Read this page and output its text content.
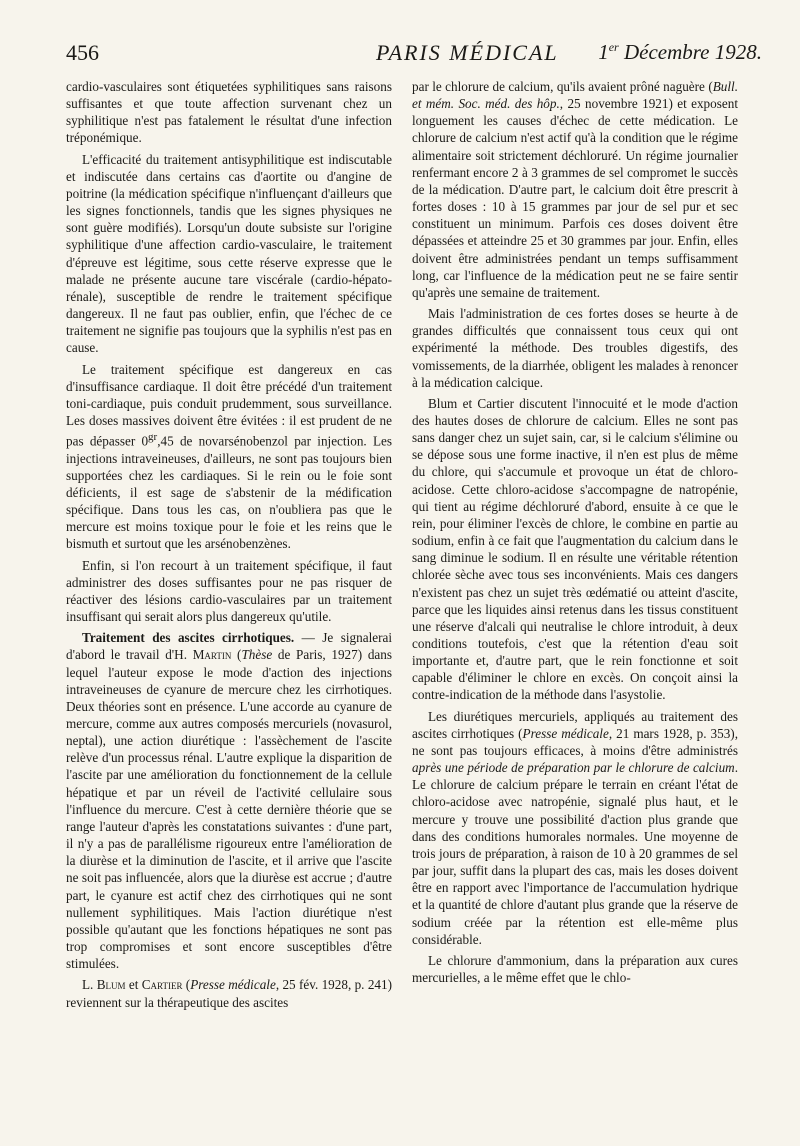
456	PARIS MÉDICAL 1er Décembre 1928.

cardio-vasculaires sont étiquetées syphilitiques sans raisons suffisantes et que toute affection survenant chez un syphilitique n'est pas fatalement le résultat d'une infection tréponémique.

L'efficacité du traitement antisyphilitique est indiscutable et indiscutée dans certains cas d'aortite ou d'angine de poitrine (la médication spécifique n'influençant d'ailleurs que les signes fonctionnels, tandis que les signes physiques ne sont guère modifiés). Lorsqu'un doute subsiste sur l'origine syphilitique d'une affection cardio-vasculaire, le traitement d'épreuve est légitime, sous cette réserve expresse que le malade ne présente aucune tare viscérale (cardio-hépato-rénale), susceptible de rendre le traitement spécifique dangereux. Il ne faut pas oublier, enfin, que l'échec de ce traitement ne signifie pas toujours que la syphilis n'est pas en cause.

Le traitement spécifique est dangereux en cas d'insuffisance cardiaque. Il doit être précédé d'un traitement toni-cardiaque, puis conduit prudemment, sous surveillance. Les doses massives doivent être évitées : il est prudent de ne pas dépasser $0^{gr},45$ de novarsénobenzol par injection. Les injections intraveineuses, d'ailleurs, ne sont pas toujours bien supportées chez les cardiaques. Si le rein ou le foie sont déficients, il est sage de s'abstenir de la médification spécifique. Dans tous les cas, on n'oubliera pas que le mercure est moins toxique pour le foie et les reins que le bismuth et surtout que les arsénobenzènes.

Enfin, si l'on recourt à un traitement spécifique, il faut administrer des doses suffisantes pour ne pas risquer de réactiver des lésions cardio-vasculaires par un traitement insuffisant qui serait alors plus dangereux qu'utile.

Traitement des ascites cirrhotiques. — Je signalerai d'abord le travail d'H. Martin (Thèse de Paris, 1927) dans lequel l'auteur expose le mode d'action des injections intraveineuses de cyanure de mercure chez les cirrhotiques. Deux théories sont en présence. L'une accorde au cyanure de mercure, comme aux autres composés mercuriels (novasurol, neptal), une action diurétique : l'assèchement de l'ascite relève d'un processus rénal. L'autre explique la disparition de l'ascite par une amélioration du fonctionnement de la cellule hépatique et par un réveil de l'activité cellulaire sous l'influence du mercure. C'est à cette dernière théorie que se range l'auteur d'après les constatations suivantes : d'une part, il n'y a pas de parallélisme rigoureux entre l'amélioration de la diurèse et la diminution de l'ascite, et il arrive que l'ascite ne soit pas influencée, alors que la diurèse est accrue ; d'autre part, le cyanure est actif chez des cirrhotiques qui ne sont nullement syphilitiques. Mais l'action diurétique n'est possible qu'autant que les fonctions hépatiques ne sont pas trop compromises et sont encore susceptibles d'être stimulées.

L. Blum et Cartier (Presse médicale, 25 fév. 1928, p. 241) reviennent sur la thérapeutique des ascites

par le chlorure de calcium, qu'ils avaient prôné naguère (Bull. et mém. Soc. méd. des hôp., 25 novembre 1921) et exposent longuement les causes d'échec de cette médication. Le chlorure de calcium n'est actif qu'à la condition que le régime alimentaire soit strictement déchloruré. Un régime journalier renfermant encore 2 à 3 grammes de sel compromet le succès de la médication. D'autre part, le calcium doit être prescrit à fortes doses : 10 à 15 grammes par jour de sel pur et sec constituent un minimum. Parfois ces doses doivent être dépassées et atteindre 25 et 30 grammes par jour. Enfin, elles doivent être administrées pendant un temps suffisamment long, car l'influence de la médication peut ne se faire sentir qu'après une semaine de traitement.

Mais l'administration de ces fortes doses se heurte à de grandes difficultés que connaissent tous ceux qui ont expérimenté la méthode. Des troubles digestifs, des vomissements, de la diarrhée, obligent les malades à renoncer à la médication calcique.

Blum et Cartier discutent l'innocuité et le mode d'action des hautes doses de chlorure de calcium. Elles ne sont pas sans danger chez un sujet sain, car, si le calcium s'élimine ou se dépose sous une forme inactive, il n'en est plus de même du chlore, qui s'accumule et provoque un état de chloro-acidose. Cette chloro-acidose s'accompagne de natropénie, qui tient au régime déchloruré d'abord, ensuite à ce que le rein, pour éliminer l'excès de chlore, le combine en partie au sodium, enfin à ce fait que l'augmentation du calcium dans le sang diminue le sodium. Il en résulte une véritable rétention chlorée sèche avec tous ses inconvénients. Mais ces dangers n'existent pas chez un sujet très œdématié ou atteint d'ascite, parce que les liquides ainsi retenus dans les tissus constituent une réserve d'alcali qui neutralise le chlore introduit, à deux conditions toutefois, c'est que la rétention d'eau soit importante et, d'autre part, que le rein fonctionne et soit capable d'éliminer le chlore en excès. On conçoit ainsi la contre-indication de la méthode dans l'asystolie.

Les diurétiques mercuriels, appliqués au traitement des ascites cirrhotiques (Presse médicale, 21 mars 1928, p. 353), ne sont pas toujours efficaces, à moins d'être administrés après une période de préparation par le chlorure de calcium. Le chlorure de calcium prépare le terrain en créant l'état de chloro-acidose avec natropénie, signalé plus haut, et le mercure y trouve une possibilité d'action plus grande que dans des conditions humorales normales. Une moyenne de trois jours de préparation, à raison de 10 à 20 grammes de sel par jour, suffit dans la plupart des cas, mais les doses doivent être en rapport avec l'importance de l'accumulation hydrique et la quantité de chlore d'autant plus grande que la réserve de sodium créée par la rétention est elle-même plus considérable.

Le chlorure d'ammonium, dans la préparation aux cures mercurielles, a le même effet que le chlo-
